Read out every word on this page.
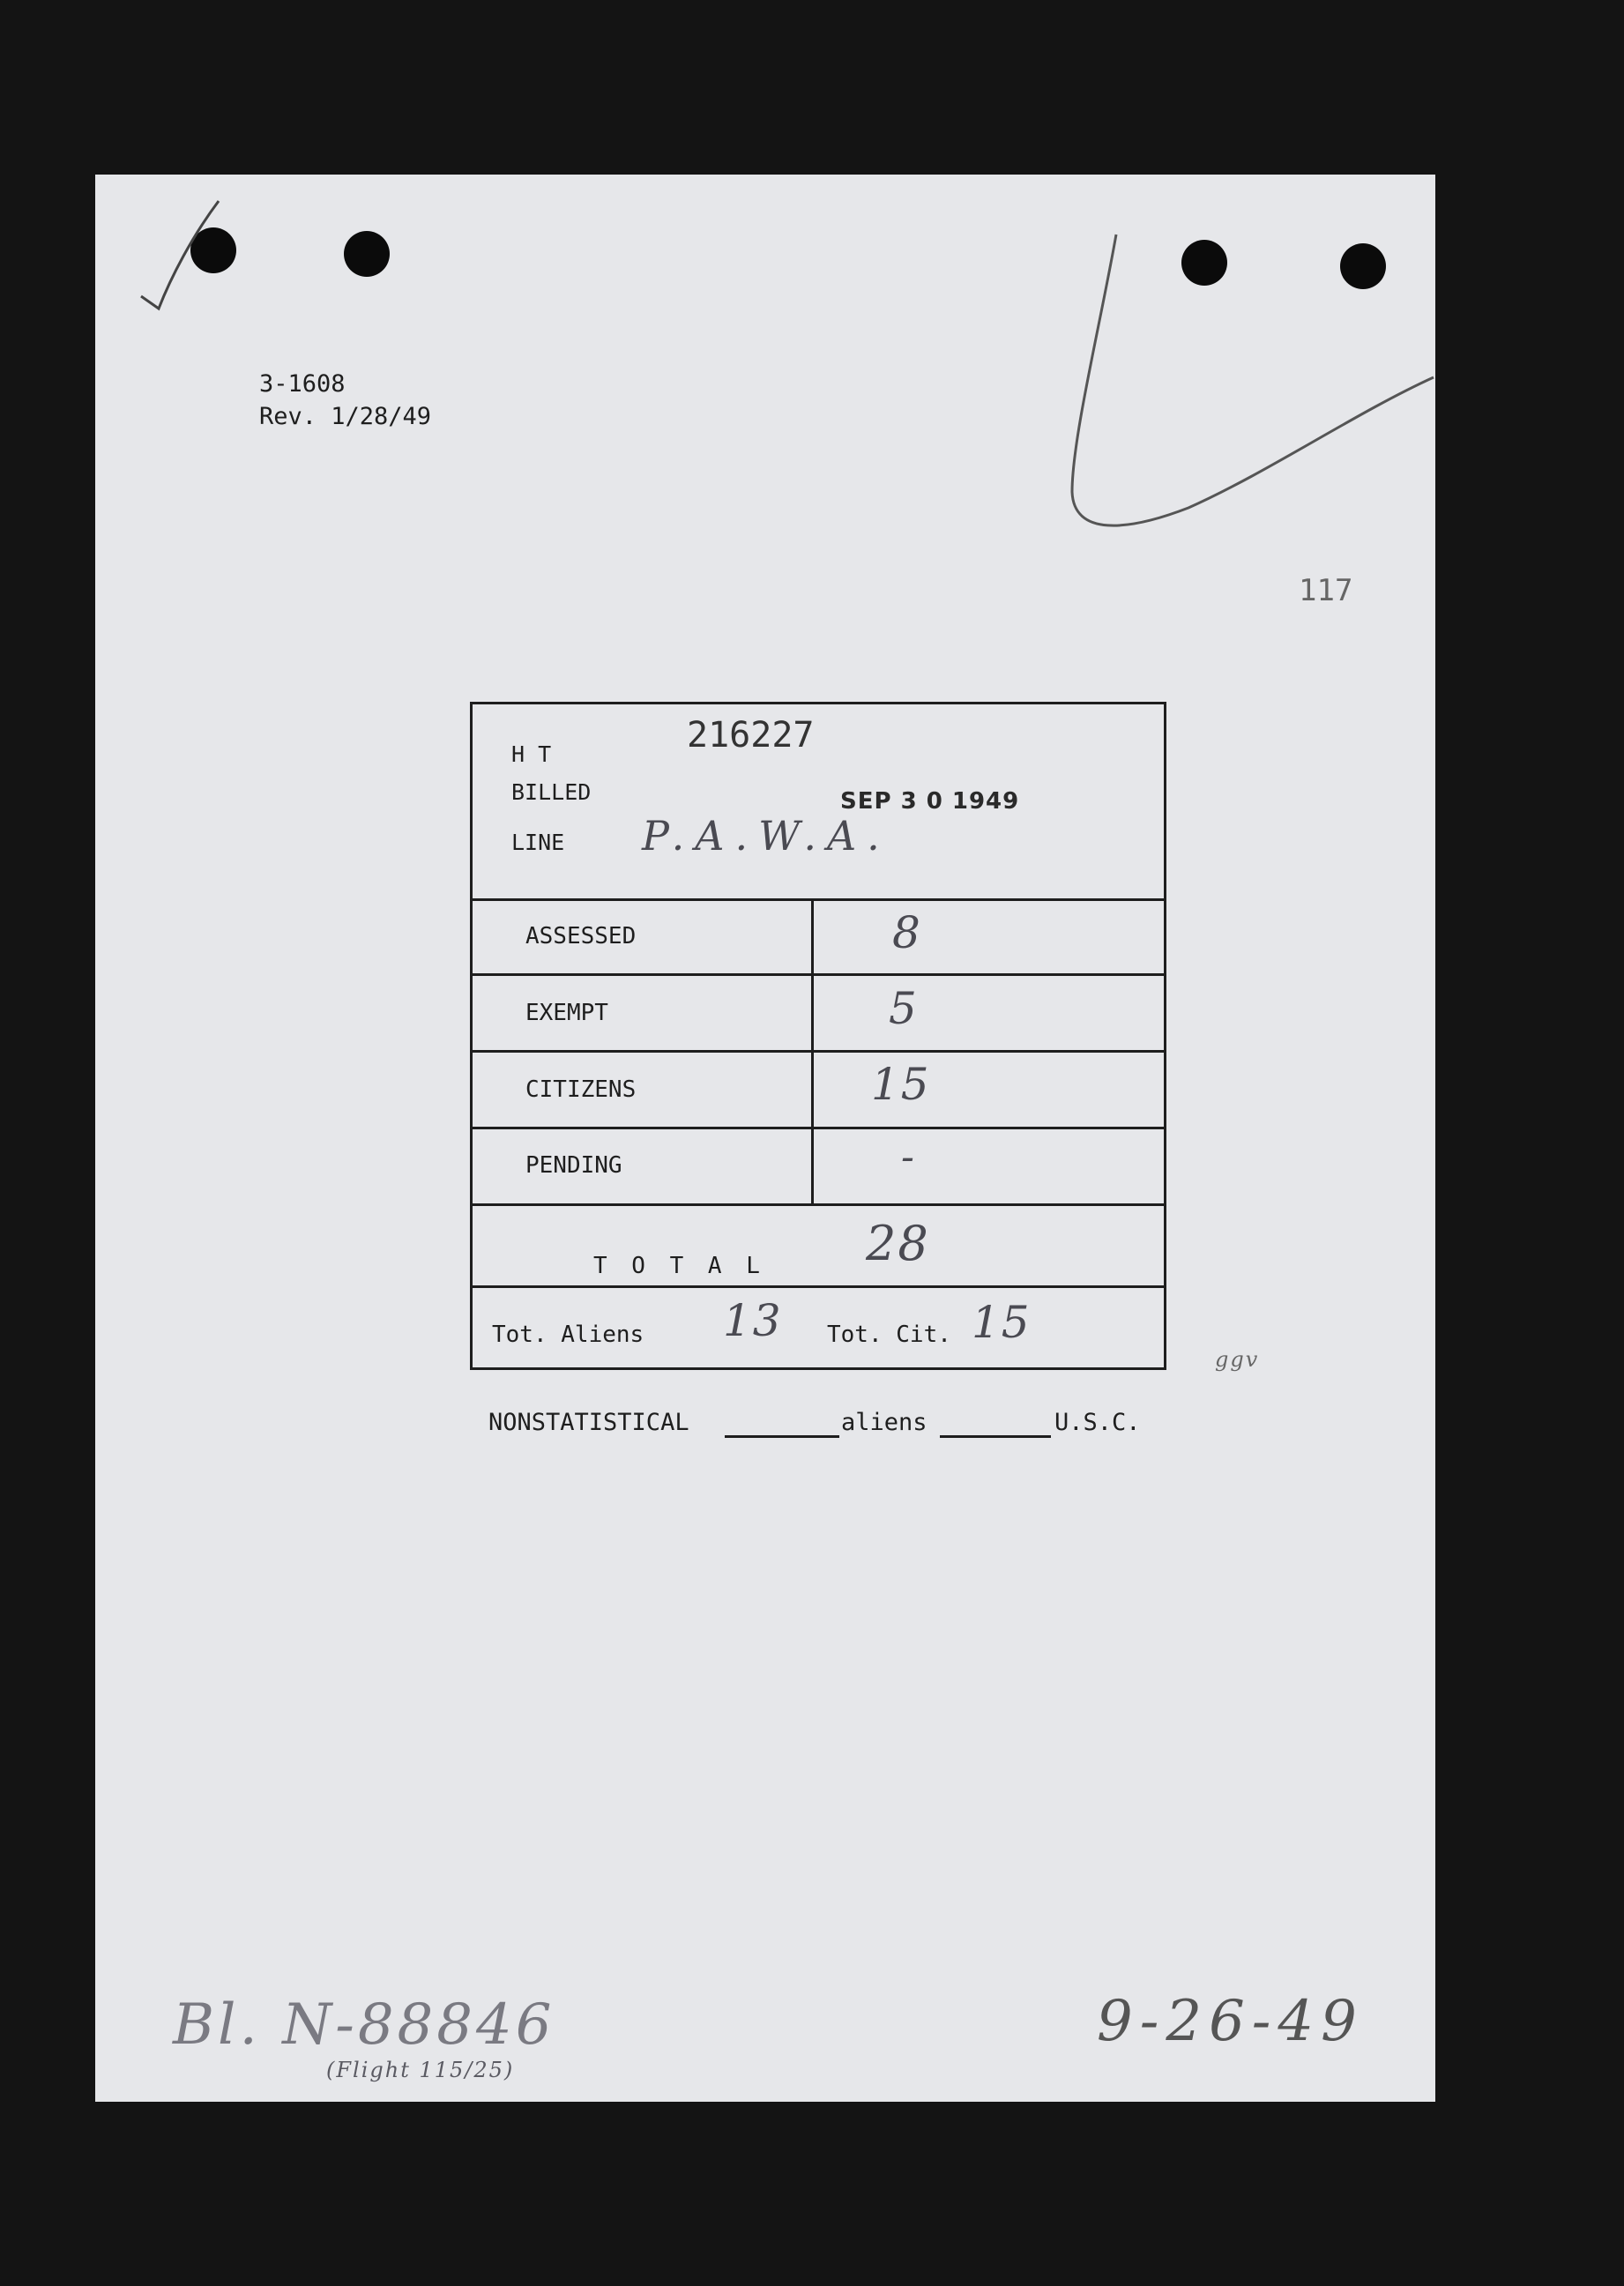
3-1608
Rev. 1/28/49
117
H T	216227
BILLED	SEP 3 0 1949
LINE P.A.W.A.
ASSESSED	8
EXEMPT	5
CITIZENS	15
PENDING	-
T O T A L 28
Tot. Aliens 13 Tot. Cit. 15
ggv
NONSTATISTICAL	aliens	U.S.C.
Bl. N-88846
(Flight 115/25)
9-26-49
